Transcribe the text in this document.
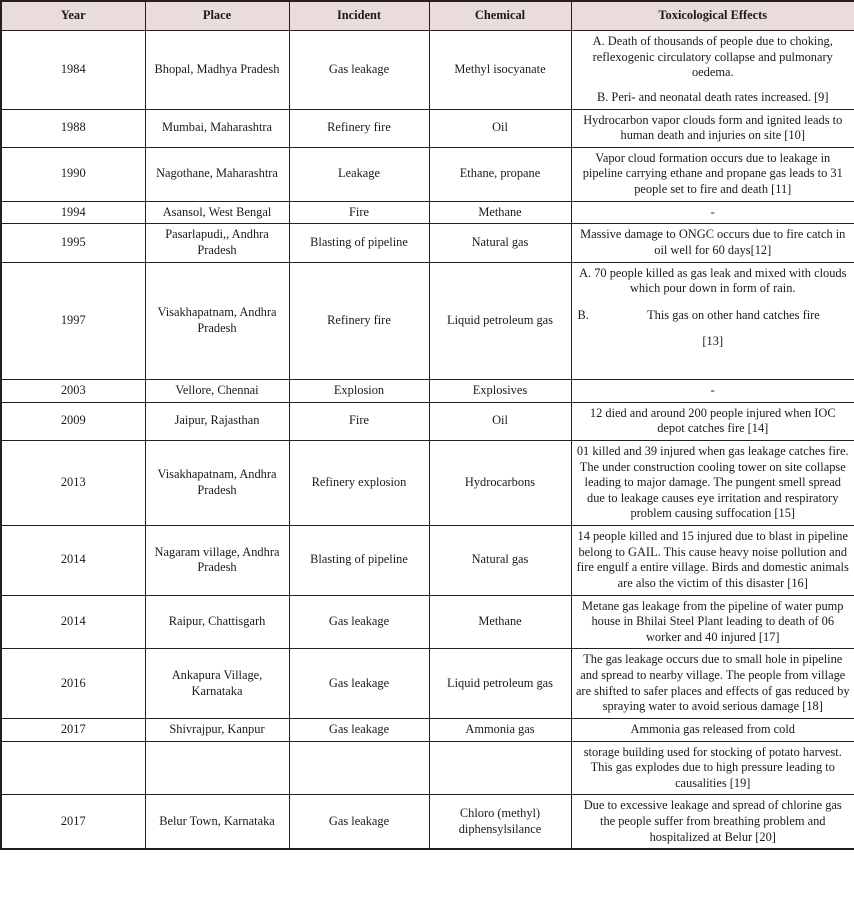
Year	Place	Incident	Chemical	Toxicological Effects
1984	Bhopal, Madhya Pradesh	Gas leakage	Methyl isocyanate	A. Death of thousands of people due to choking, reflexogenic circulatory collapse and pulmonary oedema.

B. Peri- and neonatal death rates increased. [9]

1988	Mumbai, Maharashtra	Refinery fire	Oil	Hydrocarbon vapor clouds form and ignited leads to human death and injuries on site [10]
1990	Nagothane, Maharashtra	Leakage	Ethane, propane	Vapor cloud formation occurs due to leakage in pipeline carrying ethane and propane gas leads to 31 people set to fire and death [11]
1994	Asansol, West Bengal	Fire	Methane	-
1995	Pasarlapudi,, Andhra Pradesh	Blasting of pipeline	Natural gas	Massive damage to ONGC occurs due to fire catch in oil well for 60 days[12]
1997	Visakhapatnam, Andhra Pradesh	Refinery fire	Liquid petroleum gas	A. 70 people killed as gas leak and mixed with clouds which pour down in form of rain.

B. This gas on other hand catches fire

[13]

2003	Vellore, Chennai	Explosion	Explosives	-
2009	Jaipur, Rajasthan	Fire	Oil	12 died and around 200 people injured when IOC depot catches fire [14]
2013	Visakhapatnam, Andhra Pradesh	Refinery explosion	Hydrocarbons	01 killed and 39 injured when gas leakage catches fire. The under construction cooling tower on site collapse leading to major damage. The pungent smell spread due to leakage causes eye irritation and respiratory problem causing suffocation [15]
2014	Nagaram village, Andhra Pradesh	Blasting of pipeline	Natural gas	14 people killed and 15 injured due to blast in pipeline belong to GAIL. This cause heavy noise pollution and fire engulf a entire village. Birds and domestic animals are also the victim of this disaster [16]
2014	Raipur, Chattisgarh	Gas leakage	Methane	Metane gas leakage from the pipeline of water pump house in Bhilai Steel Plant leading to death of 06 worker and 40 injured [17]
2016	Ankapura Village, Karnataka	Gas leakage	Liquid petroleum gas	The gas leakage occurs due to small hole in pipeline and spread to nearby village. The people from village are shifted to safer places and effects of gas reduced by spraying water to avoid serious damage [18]
2017	Shivrajpur, Kanpur	Gas leakage	Ammonia gas	Ammonia gas released from cold
				storage building used for stocking of potato harvest. This gas explodes due to high pressure leading to causalities [19]
2017	Belur Town, Karnataka	Gas leakage	Chloro (methyl) diphensylsilance	Due to excessive leakage and spread of chlorine gas the people suffer from breathing problem and hospitalized at Belur [20]
